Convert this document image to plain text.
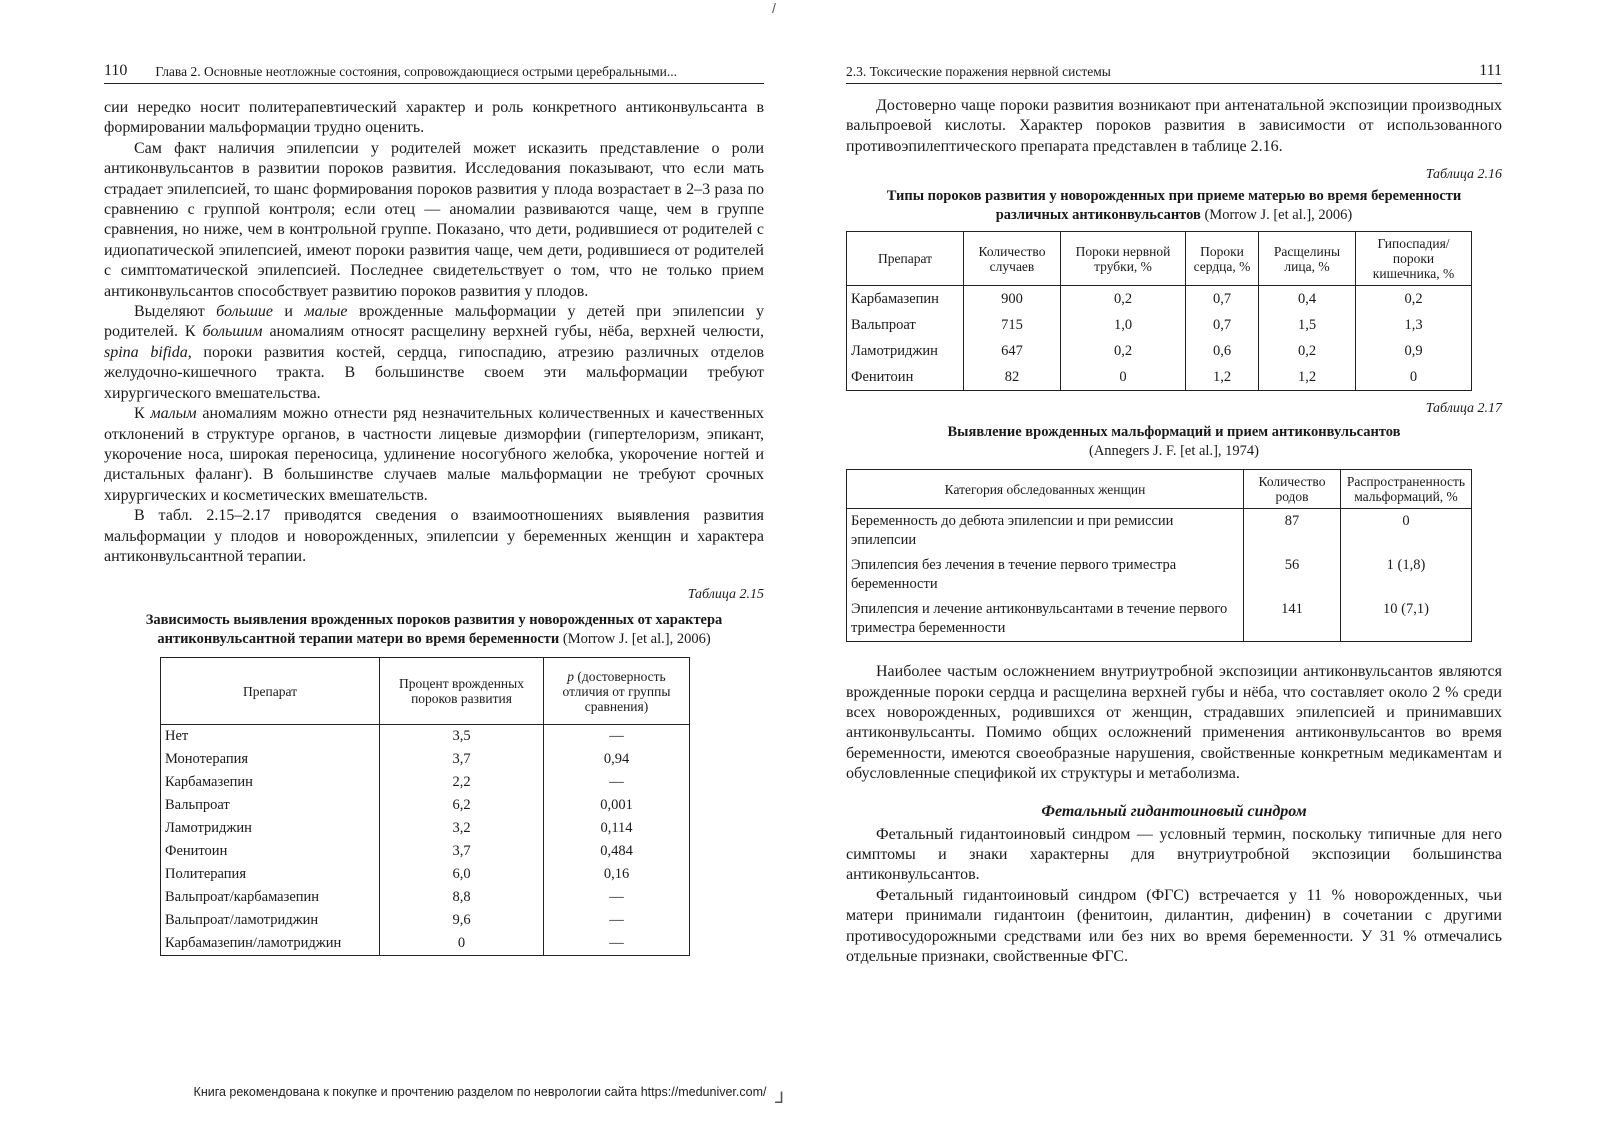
110 Глава 2. Основные неотложные состояния, сопровождающиеся острыми церебральными...

сии нередко носит политерапевтический характер и роль конкретного антиконвульсанта в формировании мальформации трудно оценить.

Сам факт наличия эпилепсии у родителей может исказить представление о роли антиконвульсантов в развитии пороков развития. Исследования показывают, что если мать страдает эпилепсией, то шанс формирования пороков развития у плода возрастает в 2–3 раза по сравнению с группой контроля; если отец — аномалии развиваются чаще, чем в группе сравнения, но ниже, чем в контрольной группе. Показано, что дети, родившиеся от родителей с идиопатической эпилепсией, имеют пороки развития чаще, чем дети, родившиеся от родителей с симптоматической эпилепсией. Последнее свидетельствует о том, что не только прием антиконвульсантов способствует развитию пороков развития у плодов.

Выделяют большие и малые врожденные мальформации у детей при эпилепсии у родителей. К большим аномалиям относят расщелину верхней губы, нёба, верхней челюсти, spina bifida, пороки развития костей, сердца, гипоспадию, атрезию различных отделов желудочно-кишечного тракта. В большинстве своем эти мальформации требуют хирургического вмешательства.

К малым аномалиям можно отнести ряд незначительных количественных и качественных отклонений в структуре органов, в частности лицевые дизморфии (гипертелоризм, эпикант, укорочение носа, широкая переносица, удлинение носогубного желобка, укорочение ногтей и дистальных фаланг). В большинстве случаев малые мальформации не требуют срочных хирургических и косметических вмешательств.

В табл. 2.15–2.17 приводятся сведения о взаимоотношениях выявления развития мальформации у плодов и новорожденных, эпилепсии у беременных женщин и характера антиконвульсантной терапии.

Таблица 2.15

Зависимость выявления врожденных пороков развития у новорожденных от характера антиконвульсантной терапии матери во время беременности (Morrow J. [et al.], 2006)

Препарат	Процент врожденных пороков развития	p (достоверность отличия от группы сравнения)
Нет	3,5	—
Монотерапия	3,7	0,94
Карбамазепин	2,2	—
Вальпроат	6,2	0,001
Ламотриджин	3,2	0,114
Фенитоин	3,7	0,484
Политерапия	6,0	0,16
Вальпроат/карбамазепин	8,8	—
Вальпроат/ламотриджин	9,6	—
Карбамазепин/ламотриджин	0	—
2.3. Токсические поражения нервной системы	111

Достоверно чаще пороки развития возникают при антенатальной экспозиции производных вальпроевой кислоты. Характер пороков развития в зависимости от использованного противоэпилептического препарата представлен в таблице 2.16.

Таблица 2.16

Типы пороков развития у новорожденных при приеме матерью во время беременности различных антиконвульсантов (Morrow J. [et al.], 2006)

Препарат	Количество случаев	Пороки нервной трубки, %	Пороки сердца, %	Расщелины лица, %	Гипоспадия/ пороки кишечника, %
Карбамазепин	900	0,2	0,7	0,4	0,2
Вальпроат	715	1,0	0,7	1,5	1,3
Ламотриджин	647	0,2	0,6	0,2	0,9
Фенитоин	82	0	1,2	1,2	0

Таблица 2.17

Выявление врожденных мальформаций и прием антиконвульсантов

(Annegers J. F. [et al.], 1974)

Категория обследованных женщин	Количество родов	Распространенность мальформаций, %
Беременность до дебюта эпилепсии и при ремиссии эпилепсии	87	0
Эпилепсия без лечения в течение первого триместра беременности	56	1 (1,8)
Эпилепсия и лечение антиконвульсантами в течение первого триместра беременности	141	10 (7,1)

Наиболее частым осложнением внутриутробной экспозиции антиконвульсантов являются врожденные пороки сердца и расщелина верхней губы и нёба, что составляет около 2 % среди всех новорожденных, родившихся от женщин, страдавших эпилепсией и принимавших антиконвульсанты. Помимо общих осложнений применения антиконвульсантов во время беременности, имеются своеобразные нарушения, свойственные конкретным медикаментам и обусловленные спецификой их структуры и метаболизма.

Фетальный гидантоиновый синдром

Фетальный гидантоиновый синдром — условный термин, поскольку типичные для него симптомы и знаки характерны для внутриутробной экспозиции большинства антиконвульсантов.

Фетальный гидантоиновый синдром (ФГС) встречается у 11 % новорожденных, чьи матери принимали гидантоин (фенитоин, дилантин, дифенин) в сочетании с другими противосудорожными средствами или без них во время беременности. У 31 % отмечались отдельные признаки, свойственные ФГС.

Книга рекомендована к покупке и прочтению разделом по неврологии сайта https://meduniver.com/
/
⅃
